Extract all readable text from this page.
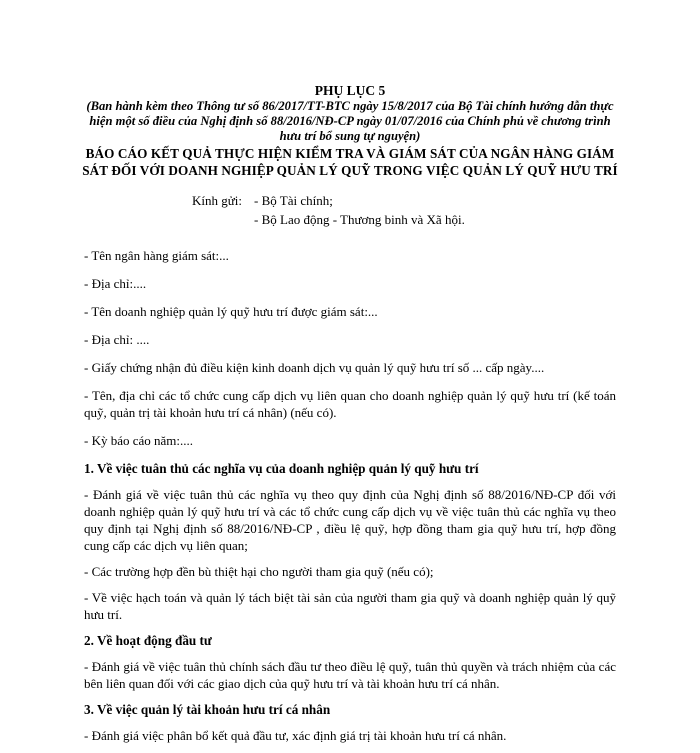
PHỤ LỤC 5

(Ban hành kèm theo Thông tư số 86/2017/TT-BTC ngày 15/8/2017 của Bộ Tài chính hướng dẫn thực hiện một số điều của Nghị định số 88/2016/NĐ-CP ngày 01/07/2016 của Chính phủ về chương trình hưu trí bổ sung tự nguyện)

BÁO CÁO KẾT QUẢ THỰC HIỆN KIỂM TRA VÀ GIÁM SÁT CỦA NGÂN HÀNG GIÁM SÁT ĐỐI VỚI DOANH NGHIỆP QUẢN LÝ QUỸ TRONG VIỆC QUẢN LÝ QUỸ HƯU TRÍ

Kính gửi: - Bộ Tài chính;
- Bộ Lao động - Thương binh và Xã hội.

- Tên ngân hàng giám sát:...

- Địa chỉ:....

- Tên doanh nghiệp quản lý quỹ hưu trí được giám sát:...

- Địa chỉ: ....

- Giấy chứng nhận đủ điều kiện kinh doanh dịch vụ quản lý quỹ hưu trí số ... cấp ngày....

- Tên, địa chỉ các tổ chức cung cấp dịch vụ liên quan cho doanh nghiệp quản lý quỹ hưu trí (kế toán quỹ, quản trị tài khoản hưu trí cá nhân) (nếu có).

- Kỳ báo cáo năm:....

1. Về việc tuân thủ các nghĩa vụ của doanh nghiệp quản lý quỹ hưu trí

- Đánh giá về việc tuân thủ các nghĩa vụ theo quy định của Nghị định số 88/2016/NĐ-CP đối với doanh nghiệp quản lý quỹ hưu trí và các tổ chức cung cấp dịch vụ về việc tuân thủ các nghĩa vụ theo quy định tại Nghị định số 88/2016/NĐ-CP , điều lệ quỹ, hợp đồng tham gia quỹ hưu trí, hợp đồng cung cấp các dịch vụ liên quan;

- Các trường hợp đền bù thiệt hại cho người tham gia quỹ (nếu có);

- Về việc hạch toán và quản lý tách biệt tài sản của người tham gia quỹ và doanh nghiệp quản lý quỹ hưu trí.

2. Về hoạt động đầu tư

- Đánh giá về việc tuân thủ chính sách đầu tư theo điều lệ quỹ, tuân thủ quyền và trách nhiệm của các bên liên quan đối với các giao dịch của quỹ hưu trí và tài khoản hưu trí cá nhân.

3. Về việc quản lý tài khoản hưu trí cá nhân

- Đánh giá việc phân bổ kết quả đầu tư, xác định giá trị tài khoản hưu trí cá nhân.
